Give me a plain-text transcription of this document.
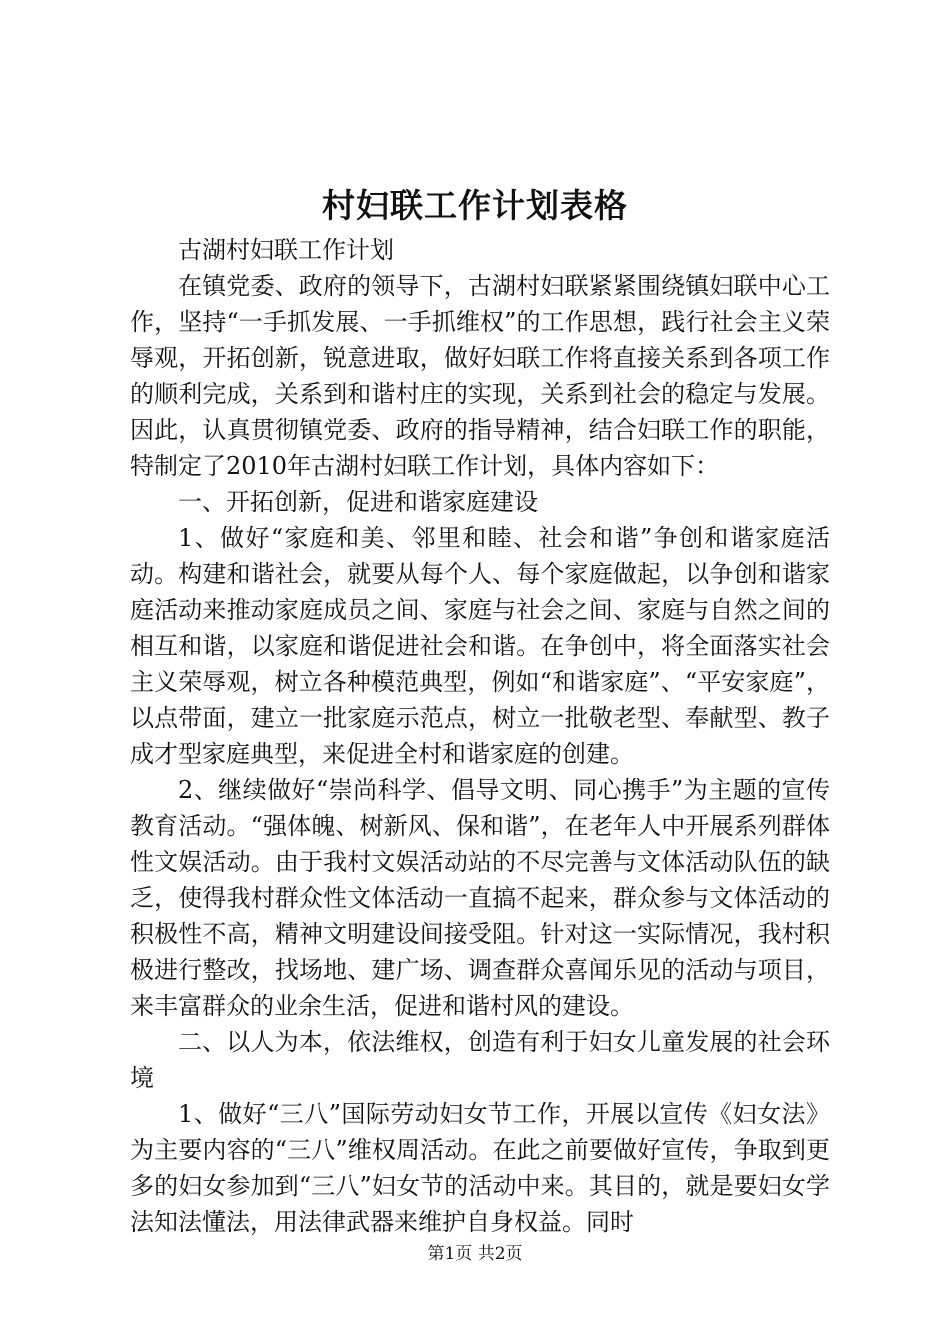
村妇联工作计划表格

古湖村妇联工作计划

在镇党委、政府的领导下，古湖村妇联紧紧围绕镇妇联中心工作，坚持“一手抓发展、一手抓维权”的工作思想，践行社会主义荣辱观，开拓创新，锐意进取，做好妇联工作将直接关系到各项工作的顺利完成，关系到和谐村庄的实现，关系到社会的稳定与发展。因此，认真贯彻镇党委、政府的指导精神，结合妇联工作的职能，特制定了2010年古湖村妇联工作计划，具体内容如下：

一、开拓创新，促进和谐家庭建设

1、做好“家庭和美、邻里和睦、社会和谐”争创和谐家庭活动。构建和谐社会，就要从每个人、每个家庭做起，以争创和谐家庭活动来推动家庭成员之间、家庭与社会之间、家庭与自然之间的相互和谐，以家庭和谐促进社会和谐。在争创中，将全面落实社会主义荣辱观，树立各种模范典型，例如“和谐家庭”、“平安家庭”，以点带面，建立一批家庭示范点，树立一批敬老型、奉献型、教子成才型家庭典型，来促进全村和谐家庭的创建。

2、继续做好“崇尚科学、倡导文明、同心携手”为主题的宣传教育活动。“强体魄、树新风、保和谐”，在老年人中开展系列群体性文娱活动。由于我村文娱活动站的不尽完善与文体活动队伍的缺乏，使得我村群众性文体活动一直搞不起来，群众参与文体活动的积极性不高，精神文明建设间接受阻。针对这一实际情况，我村积极进行整改，找场地、建广场、调查群众喜闻乐见的活动与项目，来丰富群众的业余生活，促进和谐村风的建设。

二、以人为本，依法维权，创造有利于妇女儿童发展的社会环境

1、做好“三八”国际劳动妇女节工作，开展以宣传《妇女法》为主要内容的“三八”维权周活动。在此之前要做好宣传，争取到更多的妇女参加到“三八”妇女节的活动中来。其目的，就是要妇女学法知法懂法，用法律武器来维护自身权益。同时

第1页 共2页
